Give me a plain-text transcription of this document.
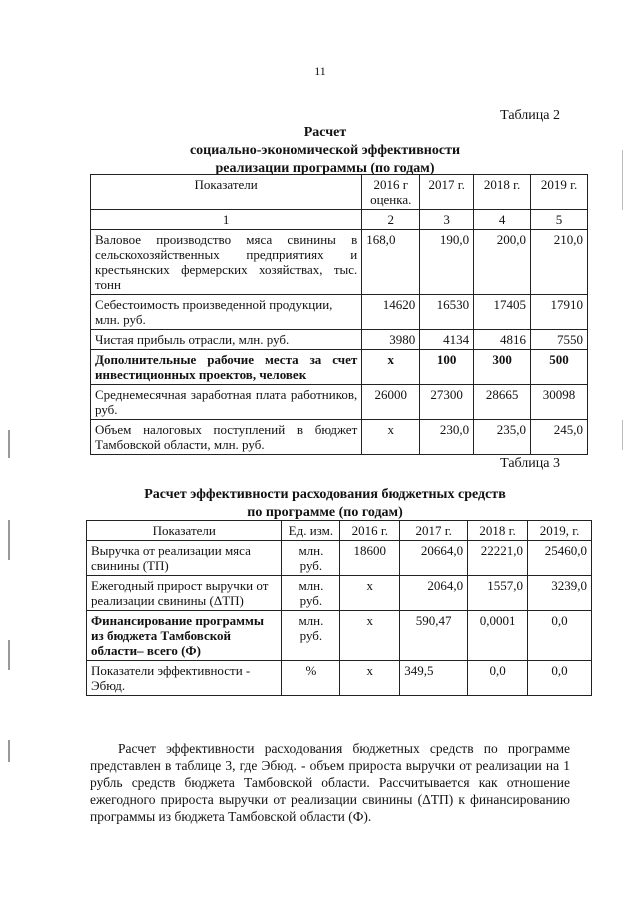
11
Таблица 2
Расчет
социально-экономической эффективности
реализации программы (по годам)
Показатели	2016 г оценка.	2017 г.	2018 г.	2019 г.
1	2	3	4	5
Валовое производство мяса свинины в сельскохозяйственных предприятиях и крестьянских фермерских хозяйствах, тыс. тонн	168,0	190,0	200,0	210,0
Себестоимость произведенной продукции, млн. руб.	14620	16530	17405	17910
Чистая прибыль отрасли, млн. руб.	3980	4134	4816	7550
Дополнительные рабочие места за счет инвестиционных проектов, человек	х	100	300	500
Среднемесячная заработная плата работников, руб.	26000	27300	28665	30098
Объем налоговых поступлений в бюджет Тамбовской области, млн. руб.	х	230,0	235,0	245,0
Таблица 3
Расчет эффективности расходования бюджетных средств
по программе (по годам)
Показатели	Ед. изм.	2016 г.	2017 г.	2018 г.	2019, г.
Выручка от реализации мяса свинины (ТП)	млн. руб.	18600	20664,0	22221,0	25460,0
Ежегодный прирост выручки от реализации свинины (ΔТП)	млн. руб.	х	2064,0	1557,0	3239,0
Финансирование программы из бюджета Тамбовской области– всего (Ф)	млн. руб.	х	590,47	0,0001	0,0
Показатели эффективности - Эбюд.	%	х	349,5	0,0	0,0
Расчет эффективности расходования бюджетных средств по программе представлен в таблице 3, где Эбюд. - объем прироста выручки от реализации на 1 рубль средств бюджета Тамбовской области. Рассчитывается как отношение ежегодного прироста выручки от реализации свинины (ΔТП) к финансированию программы из бюджета Тамбовской области (Ф).
